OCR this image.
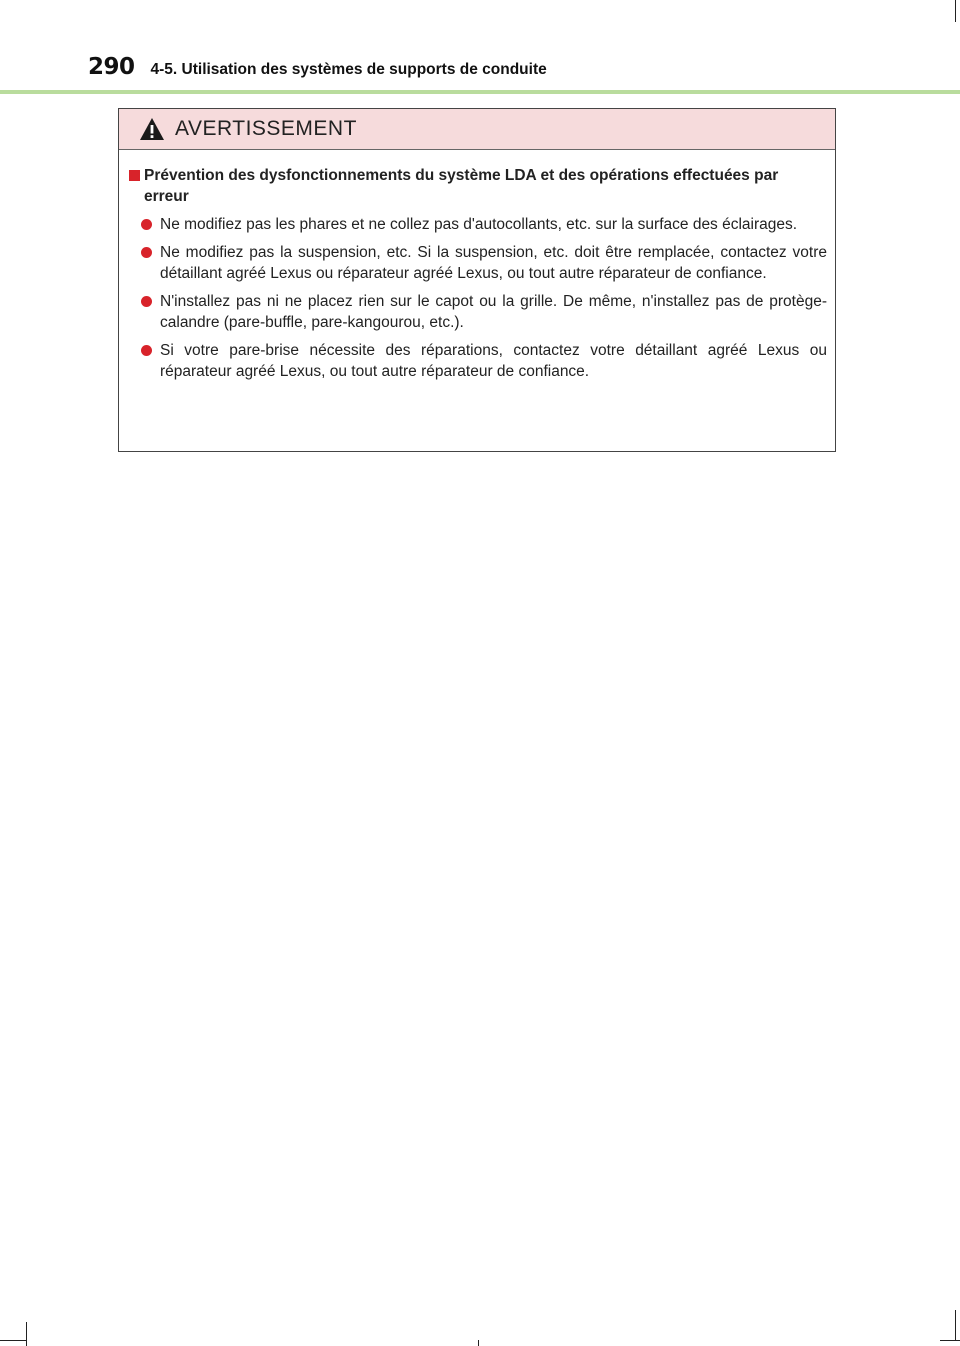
290 4-5. Utilisation des systèmes de supports de conduite
AVERTISSEMENT
Prévention des dysfonctionnements du système LDA et des opérations effectuées par erreur
Ne modifiez pas les phares et ne collez pas d'autocollants, etc. sur la surface des éclairages.
Ne modifiez pas la suspension, etc. Si la suspension, etc. doit être remplacée, contactez votre détaillant agréé Lexus ou réparateur agréé Lexus, ou tout autre réparateur de confiance.
N'installez pas ni ne placez rien sur le capot ou la grille. De même, n'installez pas de protège-calandre (pare-buffle, pare-kangourou, etc.).
Si votre pare-brise nécessite des réparations, contactez votre détaillant agréé Lexus ou réparateur agréé Lexus, ou tout autre réparateur de confiance.
